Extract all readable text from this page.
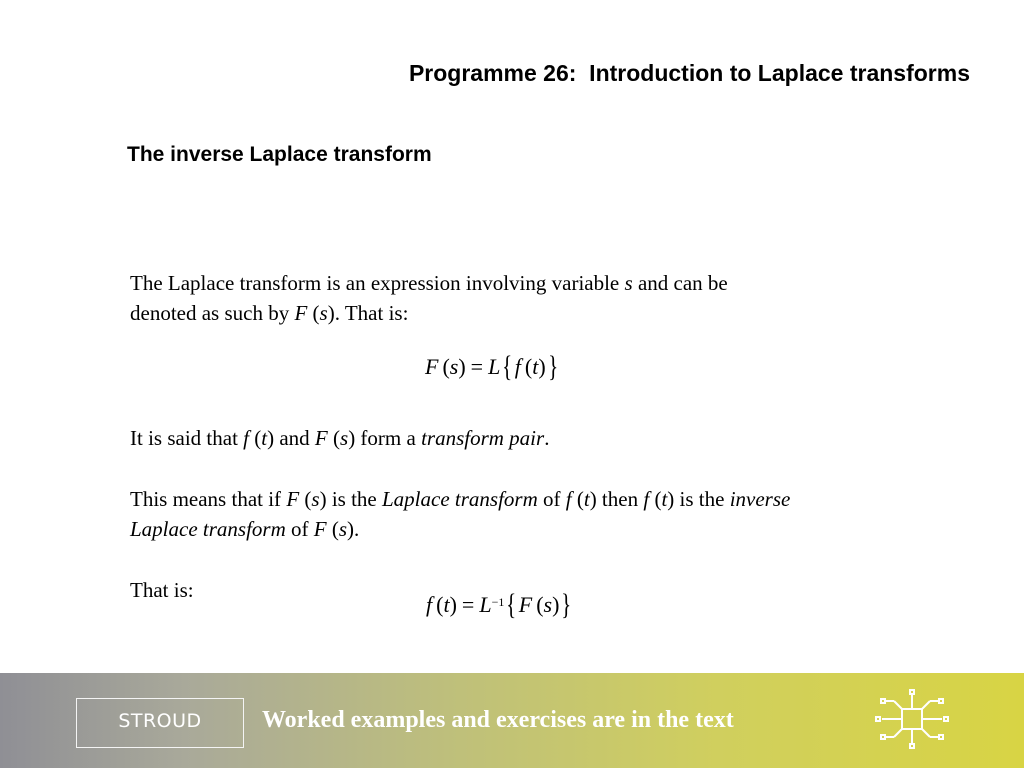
Programme 26:  Introduction to Laplace transforms
The inverse Laplace transform

The Laplace transform is an expression involving variable s and can be
denoted as such by F (s). That is:

F ( s ) = L { f ( t ) }

It is said that f (t) and F (s) form a transform pair.

This means that if F (s) is the Laplace transform of f (t) then f (t) is the inverse
Laplace transform of F (s).

That is:

f ( t ) = $L^{-1}$ { F ( s ) }
STROUD	Worked examples and exercises are in the text
